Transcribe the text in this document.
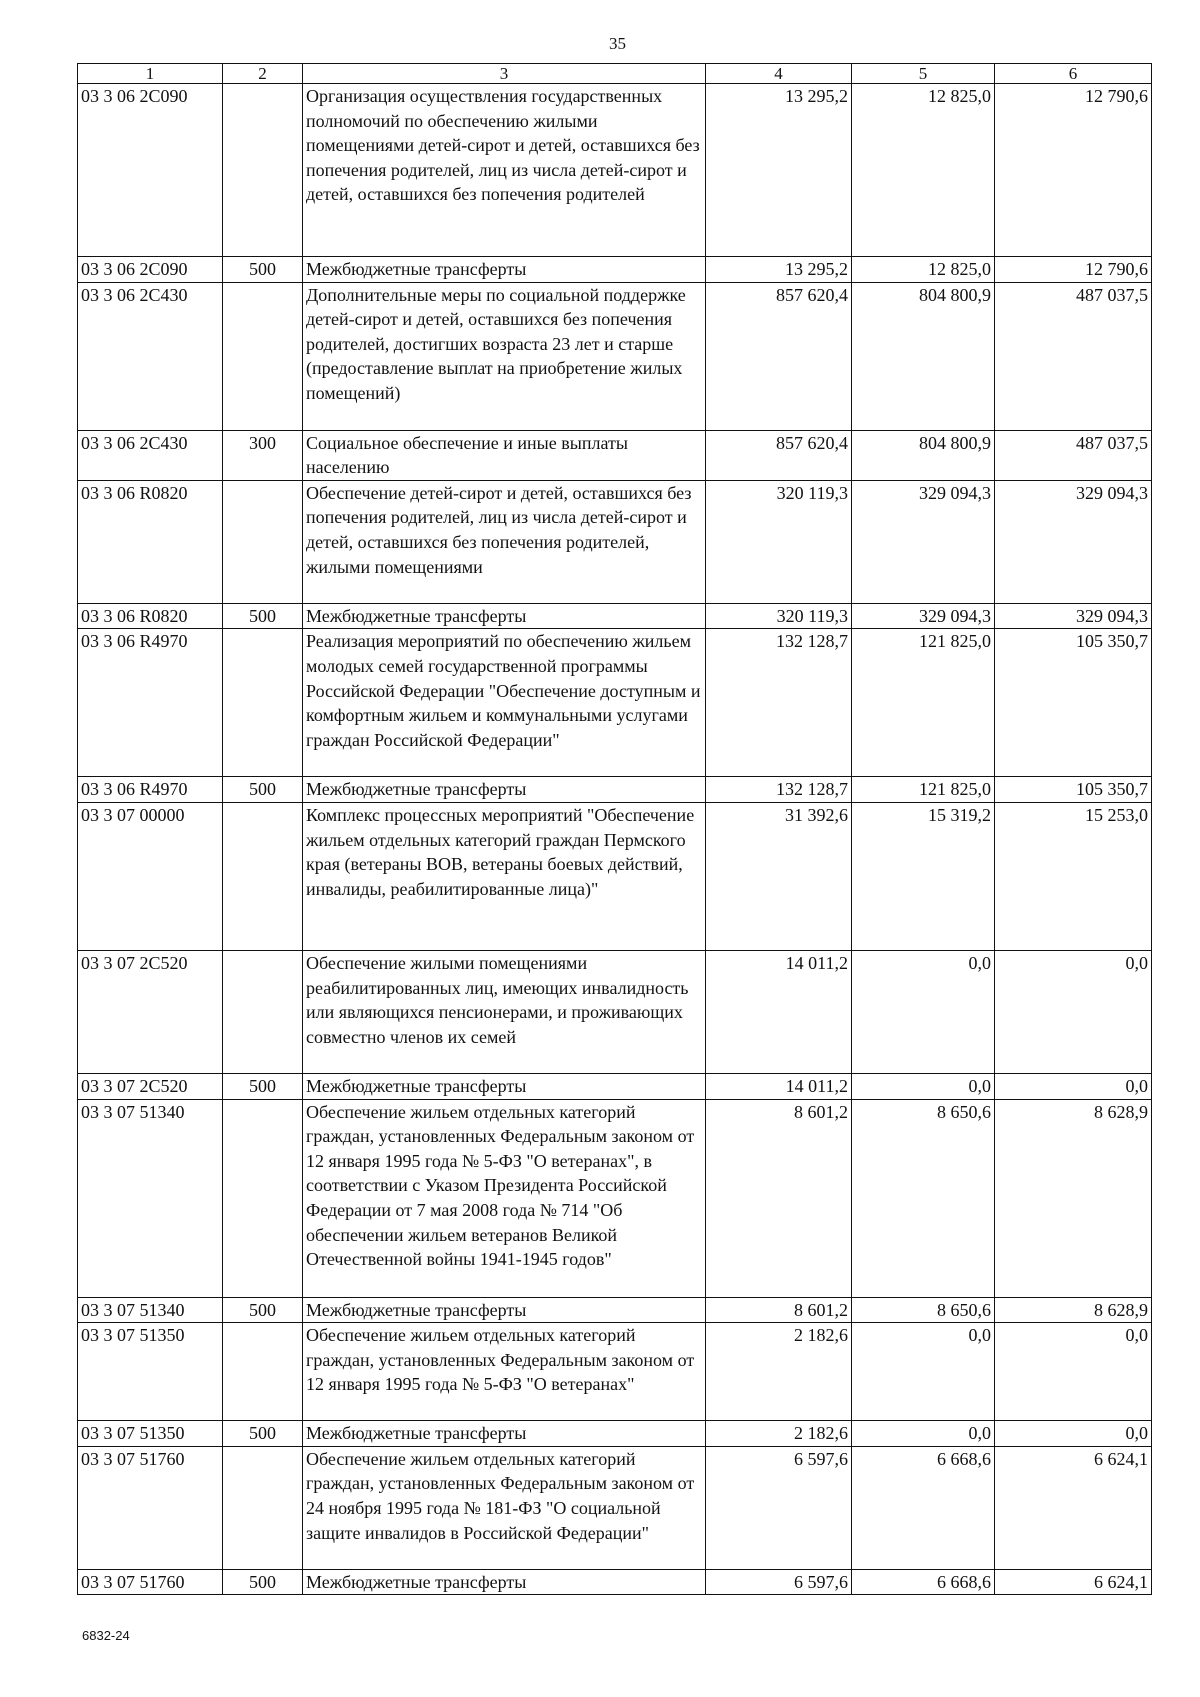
35
1	2	3	4	5	6
03 3 06 2С090		Организация осуществления государственных полномочий по обеспечению жилыми помещениями детей-сирот и детей, оставшихся без попечения родителей, лиц из числа детей-сирот и детей, оставшихся без попечения родителей	13 295,2	12 825,0	12 790,6
03 3 06 2С090	500	Межбюджетные трансферты	13 295,2	12 825,0	12 790,6
03 3 06 2С430		Дополнительные меры по социальной поддержке детей-сирот и детей, оставшихся без попечения родителей, достигших возраста 23 лет и старше (предоставление выплат на приобретение жилых помещений)	857 620,4	804 800,9	487 037,5
03 3 06 2С430	300	Социальное обеспечение и иные выплаты населению	857 620,4	804 800,9	487 037,5
03 3 06 R0820		Обеспечение детей-сирот и детей, оставшихся без попечения родителей, лиц из числа детей-сирот и детей, оставшихся без попечения родителей, жилыми помещениями	320 119,3	329 094,3	329 094,3
03 3 06 R0820	500	Межбюджетные трансферты	320 119,3	329 094,3	329 094,3
03 3 06 R4970		Реализация мероприятий по обеспечению жильем молодых семей государственной программы Российской Федерации "Обеспечение доступным и комфортным жильем и коммунальными услугами граждан Российской Федерации"	132 128,7	121 825,0	105 350,7
03 3 06 R4970	500	Межбюджетные трансферты	132 128,7	121 825,0	105 350,7
03 3 07 00000		Комплекс процессных мероприятий "Обеспечение жильем отдельных категорий граждан Пермского края (ветераны ВОВ, ветераны боевых действий, инвалиды, реабилитированные лица)"	31 392,6	15 319,2	15 253,0
03 3 07 2С520		Обеспечение жилыми помещениями реабилитированных лиц, имеющих инвалидность или являющихся пенсионерами, и проживающих совместно членов их семей	14 011,2	0,0	0,0
03 3 07 2С520	500	Межбюджетные трансферты	14 011,2	0,0	0,0
03 3 07 51340		Обеспечение жильем отдельных категорий граждан, установленных Федеральным законом от 12 января 1995 года № 5-ФЗ "О ветеранах", в соответствии с Указом Президента Российской Федерации от 7 мая 2008 года № 714 "Об обеспечении жильем ветеранов Великой Отечественной войны 1941-1945 годов"	8 601,2	8 650,6	8 628,9
03 3 07 51340	500	Межбюджетные трансферты	8 601,2	8 650,6	8 628,9
03 3 07 51350		Обеспечение жильем отдельных категорий граждан, установленных Федеральным законом от 12 января 1995 года № 5-ФЗ "О ветеранах"	2 182,6	0,0	0,0
03 3 07 51350	500	Межбюджетные трансферты	2 182,6	0,0	0,0
03 3 07 51760		Обеспечение жильем отдельных категорий граждан, установленных Федеральным законом от 24 ноября 1995 года № 181-ФЗ "О социальной защите инвалидов в Российской Федерации"	6 597,6	6 668,6	6 624,1
03 3 07 51760	500	Межбюджетные трансферты	6 597,6	6 668,6	6 624,1
6832-24
